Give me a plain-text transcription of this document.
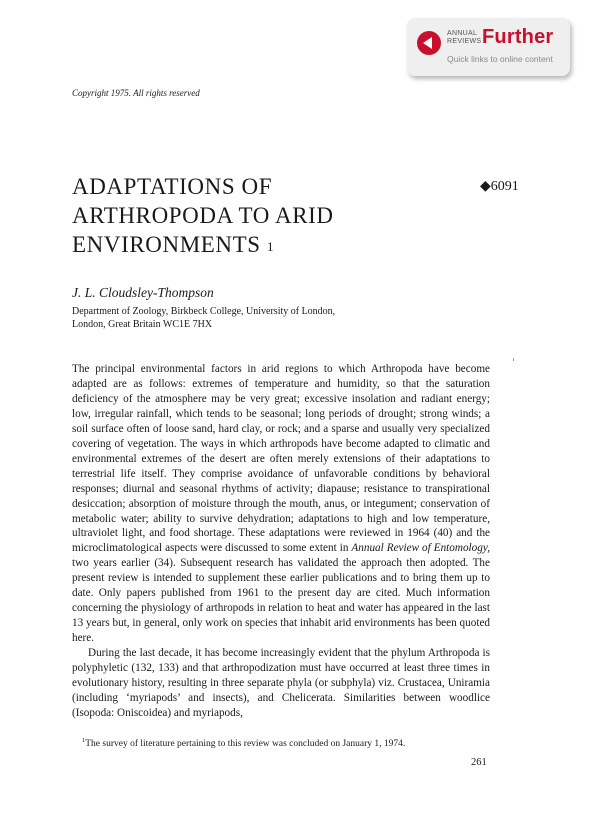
ANNUAL
REVIEWS Further
Quick links to online content
Copyright 1975. All rights reserved
ADAPTATIONS OF
ARTHROPODA TO ARID
ENVIRONMENTS 1
◆6091
J. L. Cloudsley-Thompson
Department of Zoology, Birkbeck College, University of London,
London, Great Britain WC1E 7HX

The principal environmental factors in arid regions to which Arthropoda have become adapted are as follows: extremes of temperature and humidity, so that the saturation deficiency of the atmosphere may be very great; excessive insolation and radiant energy; low, irregular rainfall, which tends to be seasonal; long periods of drought; strong winds; a soil surface often of loose sand, hard clay, or rock; and a sparse and usually very specialized covering of vegetation. The ways in which arthropods have become adapted to climatic and environmental extremes of the desert are often merely extensions of their adaptations to terrestrial life itself. They comprise avoidance of unfavorable conditions by behavioral responses; diurnal and seasonal rhythms of activity; diapause; resistance to transpirational desiccation; absorption of moisture through the mouth, anus, or integument; conservation of metabolic water; ability to survive dehydration; adaptations to high and low temperature, ultraviolet light, and food shortage. These adaptations were reviewed in 1964 (40) and the microclimatological aspects were discussed to some extent in Annual Review of Entomology, two years earlier (34). Subsequent research has validated the approach then adopted. The present review is intended to supplement these earlier publications and to bring them up to date. Only papers published from 1961 to the present day are cited. Much information concerning the physiology of arthropods in relation to heat and water has appeared in the last 13 years but, in general, only work on species that inhabit arid environments has been quoted here.

During the last decade, it has become increasingly evident that the phylum Arthropoda is polyphyletic (132, 133) and that arthropodization must have occurred at least three times in evolutionary history, resulting in three separate phyla (or subphyla) viz. Crustacea, Uniramia (including ‘myriapods’ and insects), and Chelicerata. Similarities between woodlice (Isopoda: Oniscoidea) and myriapods,

$^1$The survey of literature pertaining to this review was concluded on January 1, 1974.
261
